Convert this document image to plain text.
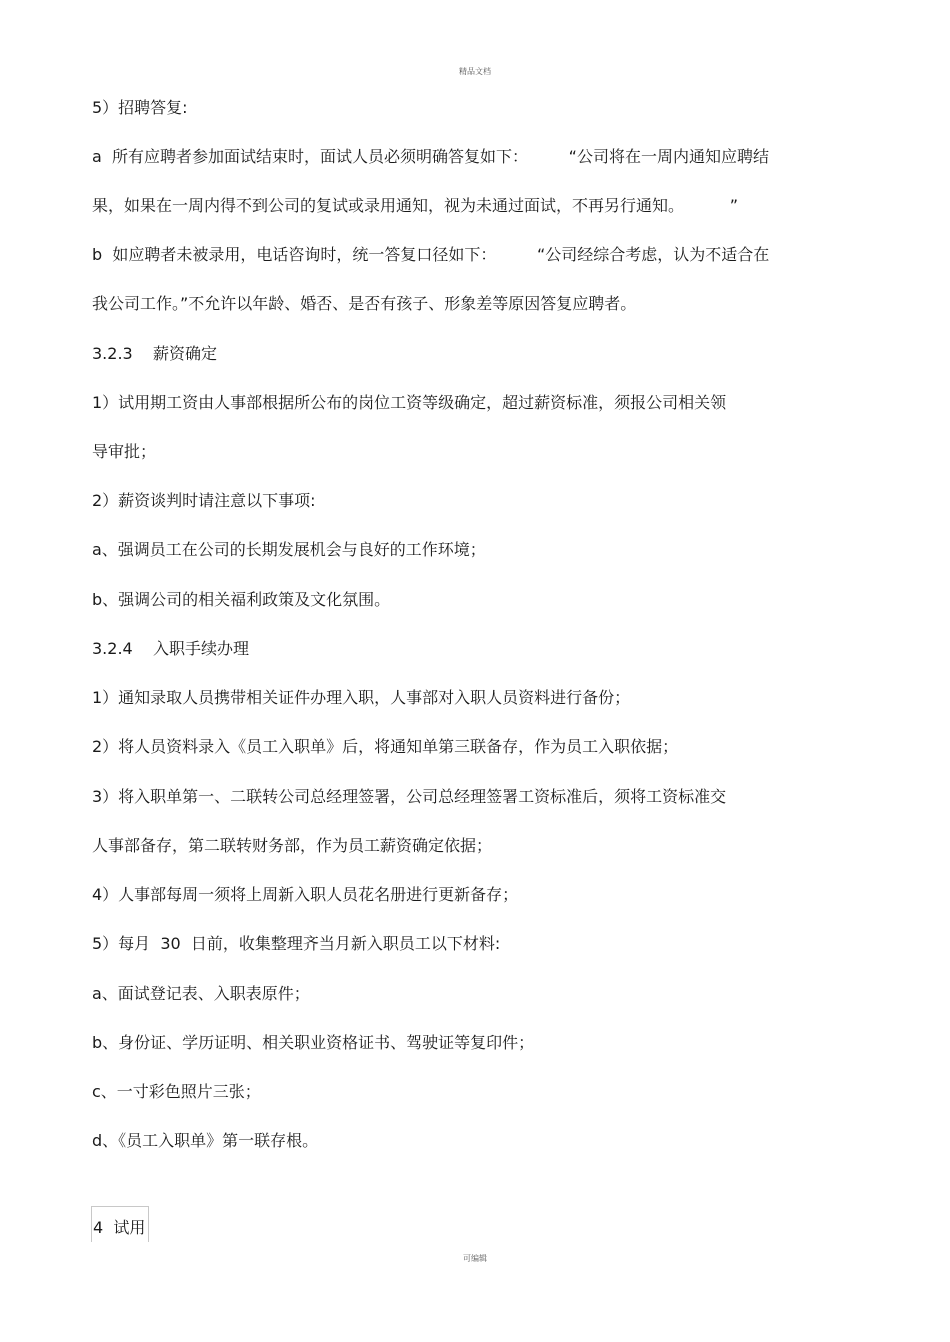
精品文档
5）招聘答复:
a  所有应聘者参加面试结束时，面试人员必须明确答复如下：        “公司将在一周内通知应聘结
果，如果在一周内得不到公司的复试或录用通知，视为未通过面试，不再另行通知。         ”
b  如应聘者未被录用，电话咨询时，统一答复口径如下：        “公司经综合考虑，认为不适合在
我公司工作。”不允许以年龄、婚否、是否有孩子、形象差等原因答复应聘者。
3.2.3    薪资确定
1）试用期工资由人事部根据所公布的岗位工资等级确定，超过薪资标准，须报公司相关领
导审批；
2）薪资谈判时请注意以下事项:
a、强调员工在公司的长期发展机会与良好的工作环境；
b、强调公司的相关福利政策及文化氛围。
3.2.4    入职手续办理
1）通知录取人员携带相关证件办理入职，人事部对入职人员资料进行备份；
2）将人员资料录入《员工入职单》后，将通知单第三联备存，作为员工入职依据；
3）将入职单第一、二联转公司总经理签署，公司总经理签署工资标准后，须将工资标准交
人事部备存，第二联转财务部，作为员工薪资确定依据；
4）人事部每周一须将上周新入职人员花名册进行更新备存；
5）每月  30  日前，收集整理齐当月新入职员工以下材料:
a、面试登记表、入职表原件；
b、身份证、学历证明、相关职业资格证书、驾驶证等复印件；
c、一寸彩色照片三张；
d、《员工入职单》第一联存根。
4  试用
可编辑
